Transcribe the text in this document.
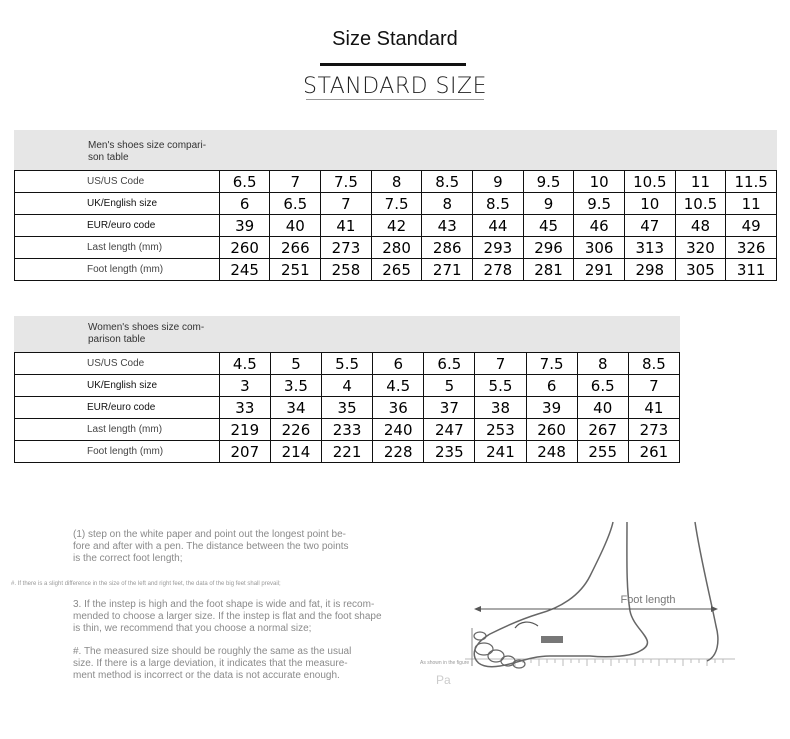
Size Standard
STANDARD SIZE
Men's shoes size compari-
son table
US/US Code	6.5	7	7.5	8	8.5	9	9.5	10	10.5	11	11.5
UK/English size	6	6.5	7	7.5	8	8.5	9	9.5	10	10.5	11
EUR/euro code	39	40	41	42	43	44	45	46	47	48	49
Last length (mm)	260	266	273	280	286	293	296	306	313	320	326
Foot length (mm)	245	251	258	265	271	278	281	291	298	305	311
Women's shoes size com-
parison table
US/US Code	4.5	5	5.5	6	6.5	7	7.5	8	8.5
UK/English size	3	3.5	4	4.5	5	5.5	6	6.5	7
EUR/euro code	33	34	35	36	37	38	39	40	41
Last length (mm)	219	226	233	240	247	253	260	267	273
Foot length (mm)	207	214	221	228	235	241	248	255	261
(1) step on the white paper and point out the longest point be-
fore and after with a pen. The distance between the two points
is the correct foot length;
#. If there is a slight difference in the size of the left and right feet, the data of the big feet shall prevail;
3. If the instep is high and the foot shape is wide and fat, it is recom-
mended to choose a larger size. If the instep is flat and the foot shape
is thin, we recommend that you choose a normal size;
#. The measured size should be roughly the same as the usual
size. If there is a large deviation, it indicates that the measure-
ment method is incorrect or the data is not accurate enough.
Foot length
As shown in the figure
Pa
